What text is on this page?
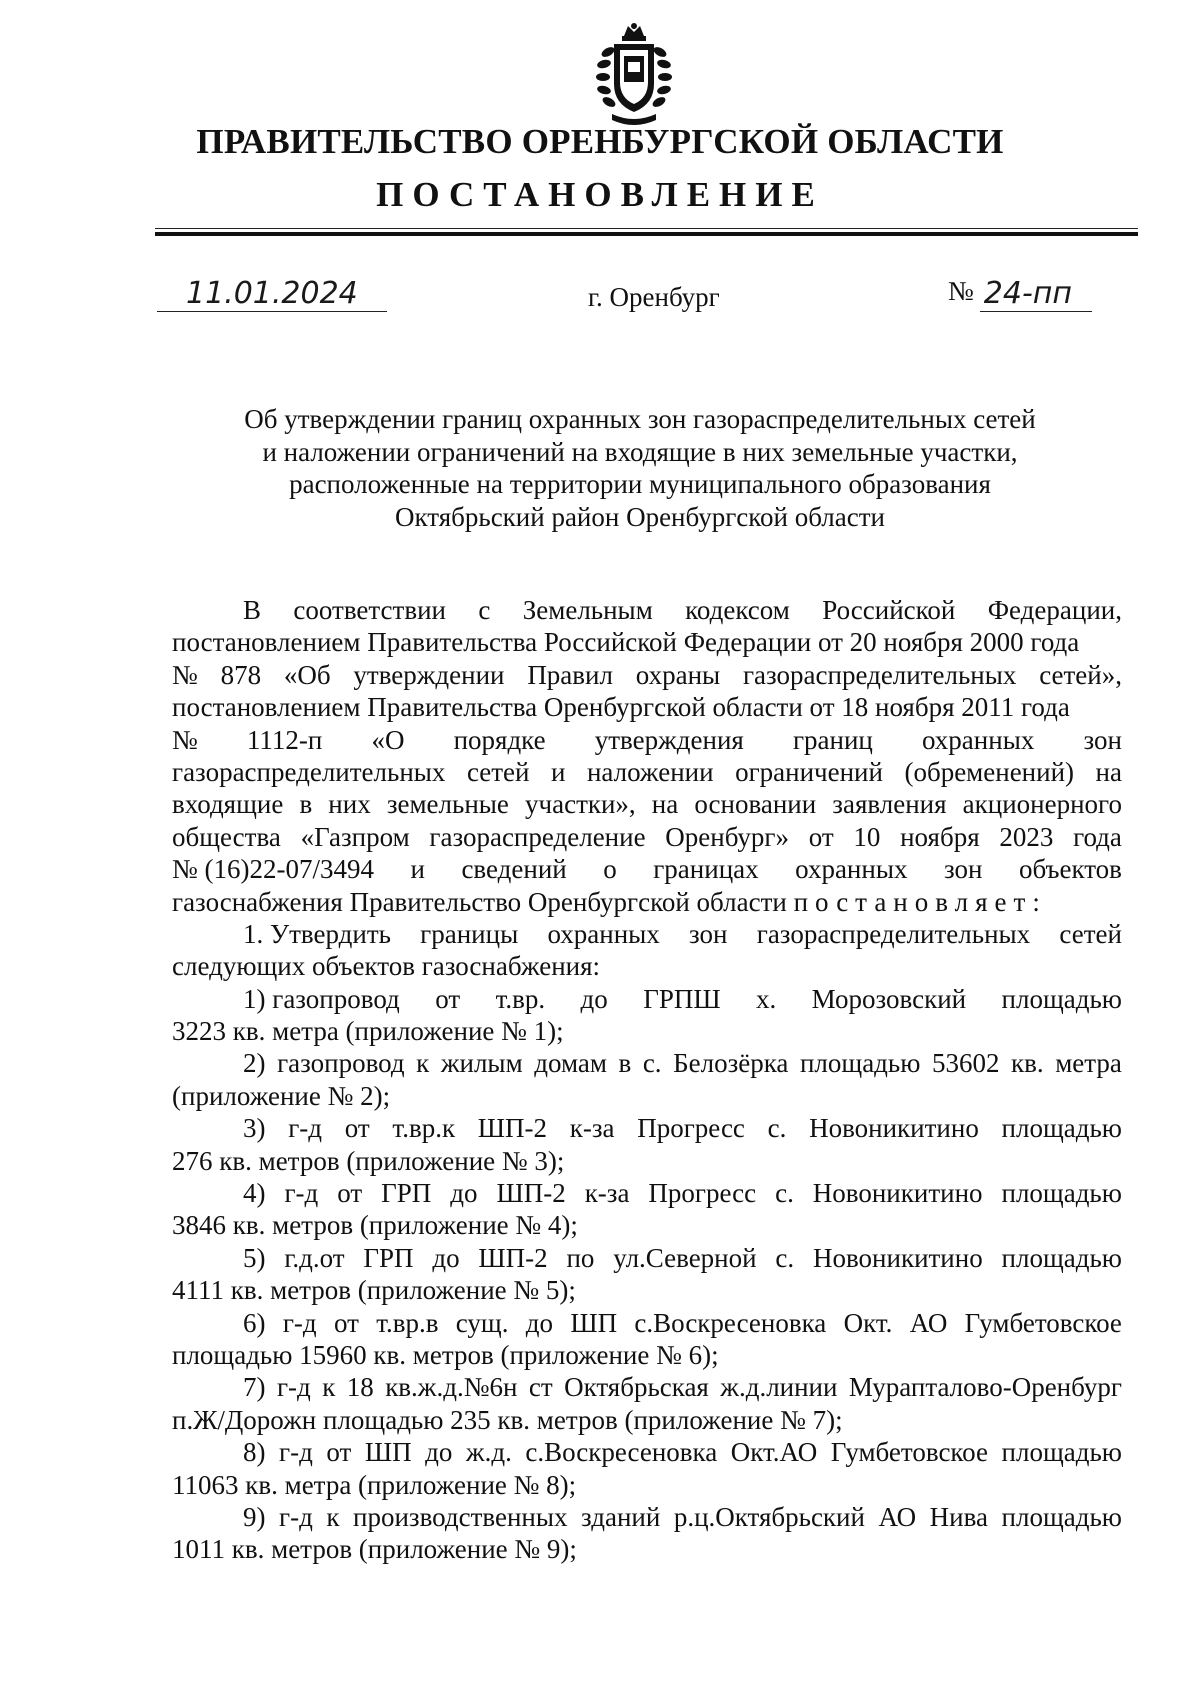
ПРАВИТЕЛЬСТВО ОРЕНБУРГСКОЙ ОБЛАСТИ
ПОСТАНОВЛЕНИЕ
11.01.2024	г. Оренбург	№ 24-пп
Об утверждении границ охранных зон газораспределительных сетей
и наложении ограничений на входящие в них земельные участки,
расположенные на территории муниципального образования
Октябрьский район Оренбургской области
В соответствии с Земельным кодексом Российской Федерации,
постановлением Правительства Российской Федерации от 20 ноября 2000 года
№ 878 «Об утверждении Правил охраны газораспределительных сетей»,
постановлением Правительства Оренбургской области от 18 ноября 2011 года
№ 1112-п «О порядке утверждения границ охранных зон
газораспределительных сетей и наложении ограничений (обременений) на
входящие в них земельные участки», на основании заявления акционерного
общества «Газпром газораспределение Оренбург» от 10 ноября 2023 года
№ (16)22-07/3494 и сведений о границах охранных зон объектов
газоснабжения Правительство Оренбургской области постановляет:
1. Утвердить границы охранных зон газораспределительных сетей
следующих объектов газоснабжения:
1) газопровод от т.вр. до ГРПШ х. Морозовский площадью
3223 кв. метра (приложение № 1);
2) газопровод к жилым домам в с. Белозёрка площадью 53602 кв. метра
(приложение № 2);
3) г-д от т.вр.к ШП-2 к-за Прогресс с. Новоникитино площадью
276 кв. метров (приложение № 3);
4) г-д от ГРП до ШП-2 к-за Прогресс с. Новоникитино площадью
3846 кв. метров (приложение № 4);
5) г.д.от ГРП до ШП-2 по ул.Северной с. Новоникитино площадью
4111 кв. метров (приложение № 5);
6) г-д от т.вр.в сущ. до ШП с.Воскресеновка Окт. АО Гумбетовское
площадью 15960 кв. метров (приложение № 6);
7) г-д к 18 кв.ж.д.№6н ст Октябрьская ж.д.линии Мурапталово-Оренбург
п.Ж/Дорожн площадью 235 кв. метров (приложение № 7);
8) г-д от ШП до ж.д. с.Воскресеновка Окт.АО Гумбетовское площадью
11063 кв. метра (приложение № 8);
9) г-д к производственных зданий р.ц.Октябрьский АО Нива площадью
1011 кв. метров (приложение № 9);
